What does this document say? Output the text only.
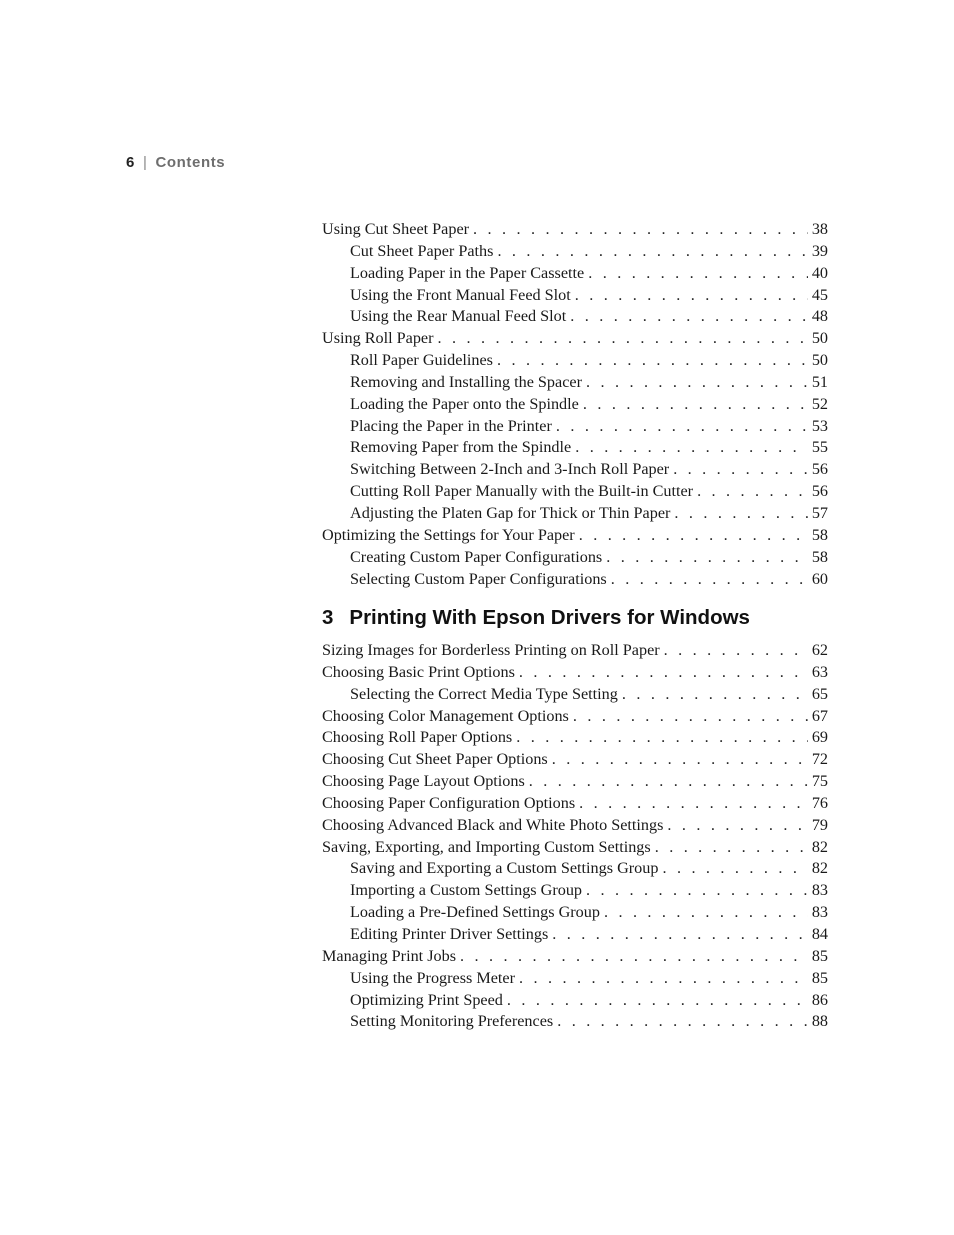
6 | Contents
Using Cut Sheet Paper . . .	38
Cut Sheet Paper Paths . . .	39
Loading Paper in the Paper Cassette . . .	40
Using the Front Manual Feed Slot . . .	45
Using the Rear Manual Feed Slot . . .	48
Using Roll Paper . . .	50
Roll Paper Guidelines . . .	50
Removing and Installing the Spacer . . .	51
Loading the Paper onto the Spindle . . .	52
Placing the Paper in the Printer . . .	53
Removing Paper from the Spindle . . .	55
Switching Between 2-Inch and 3-Inch Roll Paper . . .	56
Cutting Roll Paper Manually with the Built-in Cutter . . .	56
Adjusting the Platen Gap for Thick or Thin Paper . . .	57
Optimizing the Settings for Your Paper . . .	58
Creating Custom Paper Configurations . . .	58
Selecting Custom Paper Configurations . . .	60
3 Printing With Epson Drivers for Windows
Sizing Images for Borderless Printing on Roll Paper . . .	62
Choosing Basic Print Options . . .	63
Selecting the Correct Media Type Setting . . .	65
Choosing Color Management Options . . .	67
Choosing Roll Paper Options . . .	69
Choosing Cut Sheet Paper Options . . .	72
Choosing Page Layout Options . . .	75
Choosing Paper Configuration Options . . .	76
Choosing Advanced Black and White Photo Settings . . .	79
Saving, Exporting, and Importing Custom Settings . . .	82
Saving and Exporting a Custom Settings Group . . .	82
Importing a Custom Settings Group . . .	83
Loading a Pre-Defined Settings Group . . .	83
Editing Printer Driver Settings . . .	84
Managing Print Jobs . . .	85
Using the Progress Meter . . .	85
Optimizing Print Speed . . .	86
Setting Monitoring Preferences . . .	88
